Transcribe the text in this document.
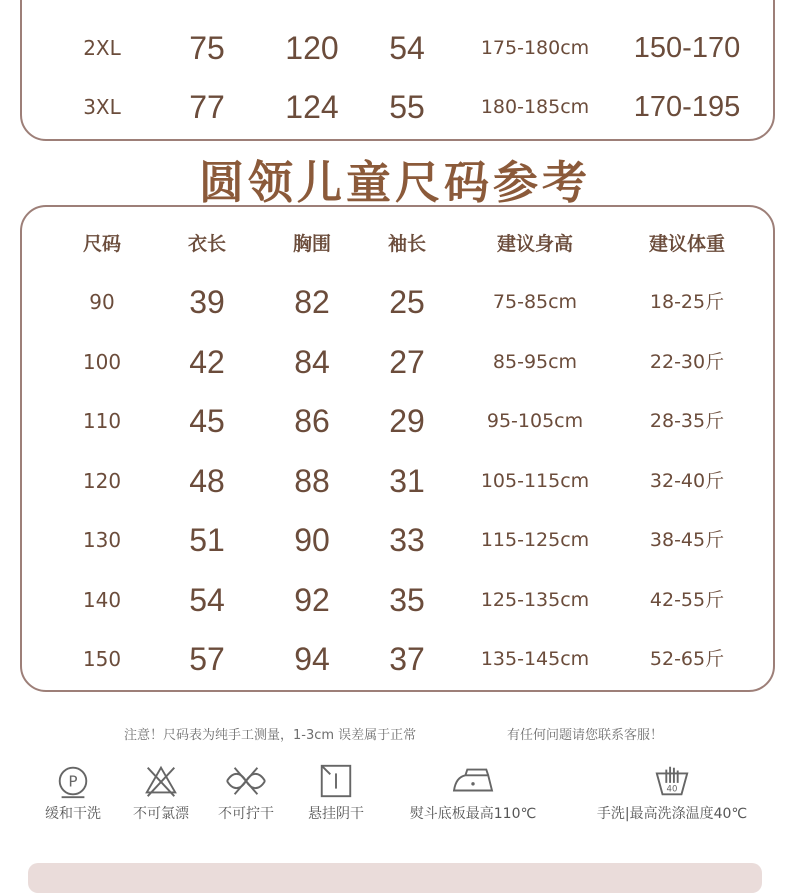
2XL	75	120	54	175-180cm	150-170
3XL	77	124	55	180-185cm	170-195
圆领儿童尺码参考
尺码	衣长	胸围	袖长	建议身高	建议体重
90	39	82	25	75-85cm	18-25斤
100	42	84	27	85-95cm	22-30斤
110	45	86	29	95-105cm	28-35斤
120	48	88	31	105-115cm	32-40斤
130	51	90	33	115-125cm	38-45斤
140	54	92	35	125-135cm	42-55斤
150	57	94	37	135-145cm	52-65斤
注意！尺码表为纯手工测量，1-3cm 误差属于正常	有任何问题请您联系客服！
P
缓和干洗	不可氯漂	不可拧干	悬挂阴干	熨斗底板最高110℃
40
手洗|最高洗涤温度40℃
